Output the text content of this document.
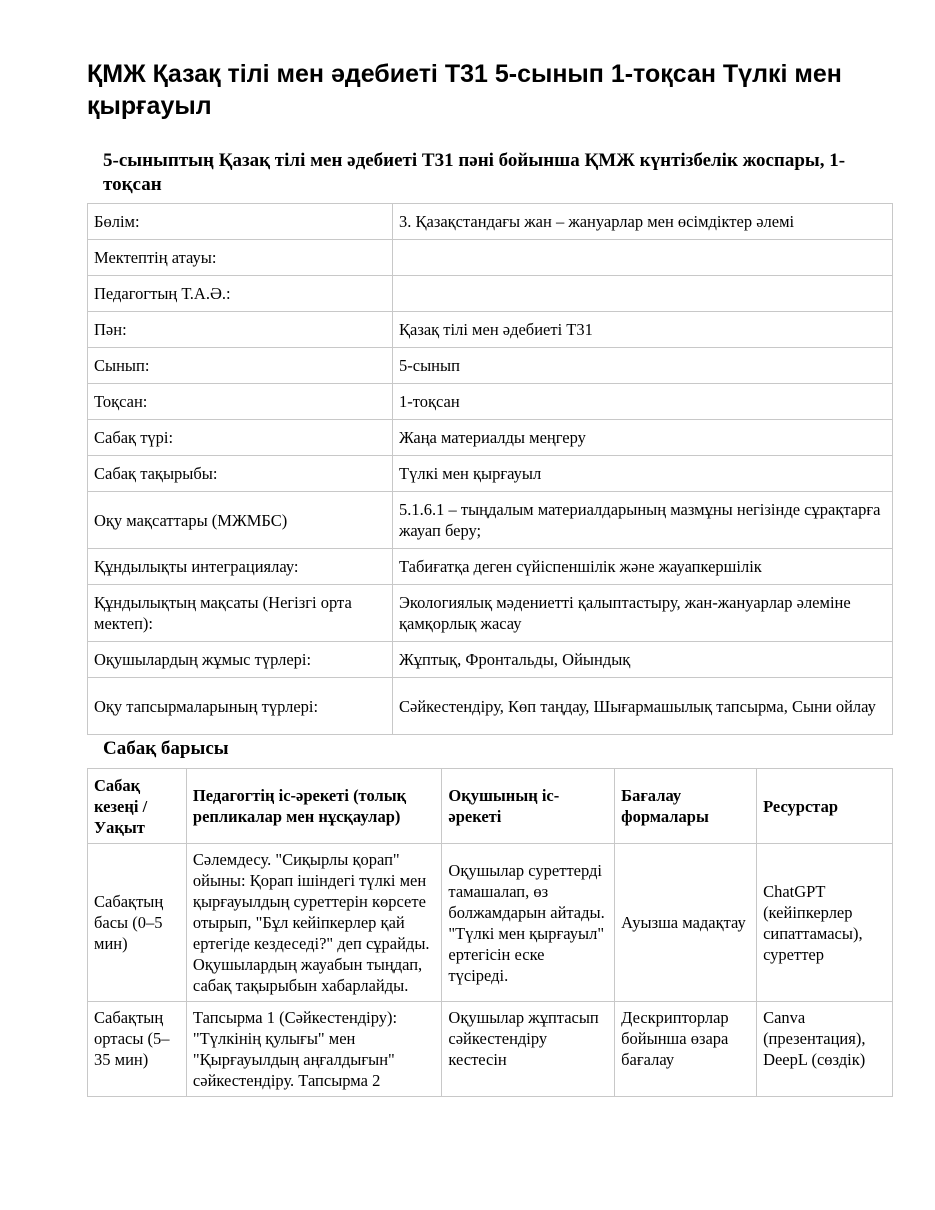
ҚМЖ Қазақ тілі мен әдебиеті Т31 5-сынып 1-тоқсан Түлкі мен қырғауыл
5-сыныптың Қазақ тілі мен әдебиеті Т31 пәні бойынша ҚМЖ күнтізбелік жоспары, 1-тоқсан
Бөлім:	3. Қазақстандағы жан – жануарлар мен өсімдіктер әлемі
Мектептің атауы:	
Педагогтың Т.А.Ә.:	
Пән:	Қазақ тілі мен әдебиеті Т31
Сынып:	5-сынып
Тоқсан:	1-тоқсан
Сабақ түрі:	Жаңа материалды меңгеру
Сабақ тақырыбы:	Түлкі мен қырғауыл
Оқу мақсаттары (МЖМБС)	5.1.6.1 – тыңдалым материалдарының мазмұны негізінде сұрақтарға жауап беру;
Құндылықты интеграциялау:	Табиғатқа деген сүйіспеншілік және жауапкершілік
Құндылықтың мақсаты (Негізгі орта мектеп):	Экологиялық мәдениетті қалыптастыру, жан-жануарлар әлеміне қамқорлық жасау
Оқушылардың жұмыс түрлері:	Жұптық, Фронтальды, Ойындық
Оқу тапсырмаларының түрлері:	Сәйкестендіру, Көп таңдау, Шығармашылық тапсырма, Сыни ойлау
Сабақ барысы
Сабақ кезеңі / Уақыт	Педагогтің іс-әрекеті (толық репликалар мен нұсқаулар)	Оқушының іс-әрекеті	Бағалау формалары	Ресурстар
Сабақтың басы (0–5 мин)	Сәлемдесу. "Сиқырлы қорап" ойыны: Қорап ішіндегі түлкі мен қырғауылдың суреттерін көрсете отырып, "Бұл кейіпкерлер қай ертегіде кездеседі?" деп сұрайды. Оқушылардың жауабын тыңдап, сабақ тақырыбын хабарлайды.	Оқушылар суреттерді тамашалап, өз болжамдарын айтады. "Түлкі мен қырғауыл" ертегісін еске түсіреді.	Ауызша мадақтау	ChatGPT (кейіпкерлер сипаттамасы), суреттер
Сабақтың ортасы (5–35 мин)	Тапсырма 1 (Сәйкестендіру): "Түлкінің қулығы" мен "Қырғауылдың аңғалдығын" сәйкестендіру. Тапсырма 2	Оқушылар жұптасып сәйкестендіру кестесін	Дескрипторлар бойынша өзара бағалау	Canva (презентация), DeepL (сөздік)
